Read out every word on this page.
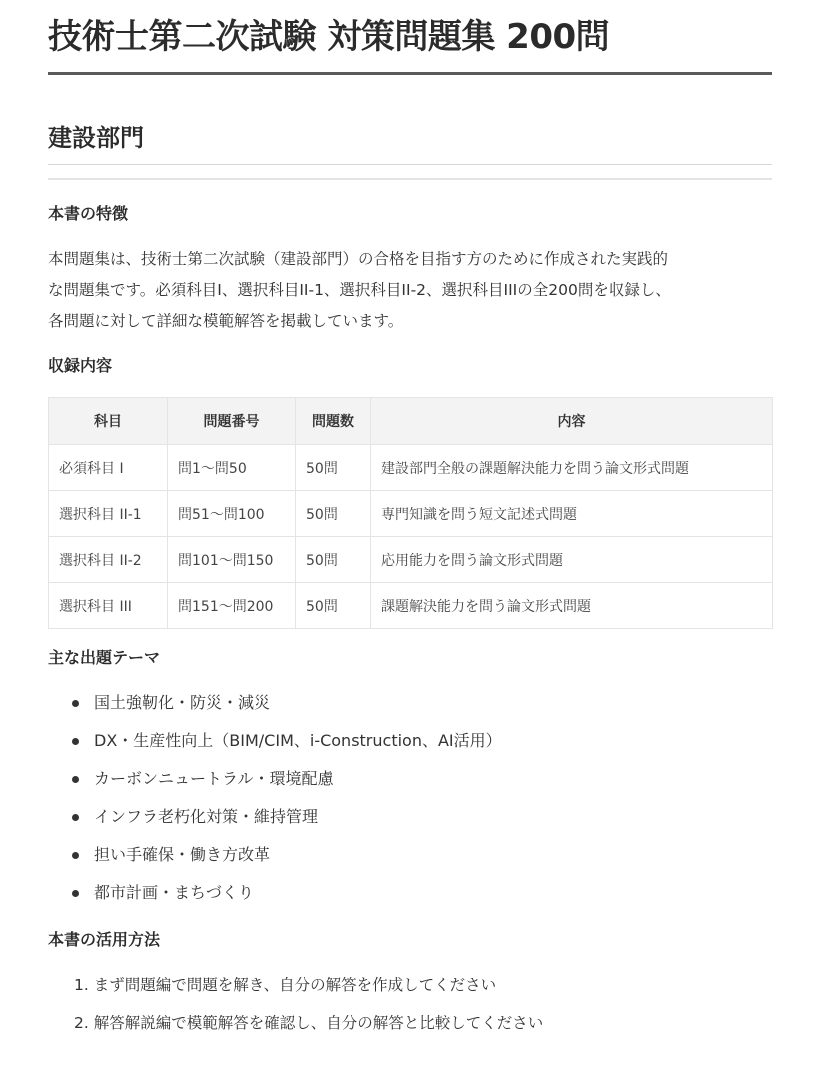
技術士第二次試験 対策問題集 200問
建設部門
本書の特徴
本問題集は、技術士第二次試験（建設部門）の合格を目指す方のために作成された実践的
な問題集です。必須科目I、選択科目II-1、選択科目II-2、選択科目IIIの全200問を収録し、
各問題に対して詳細な模範解答を掲載しています。
収録内容
科目	問題番号	問題数	内容
必須科目 I	問1〜問50	50問	建設部門全般の課題解決能力を問う論文形式問題
選択科目 II-1	問51〜問100	50問	専門知識を問う短文記述式問題
選択科目 II-2	問101〜問150	50問	応用能力を問う論文形式問題
選択科目 III	問151〜問200	50問	課題解決能力を問う論文形式問題
主な出題テーマ
国土強靭化・防災・減災
DX・生産性向上（BIM/CIM、i-Construction、AI活用）
カーボンニュートラル・環境配慮
インフラ老朽化対策・維持管理
担い手確保・働き方改革
都市計画・まちづくり
本書の活用方法
1. まず問題編で問題を解き、自分の解答を作成してください
2. 解答解説編で模範解答を確認し、自分の解答と比較してください
